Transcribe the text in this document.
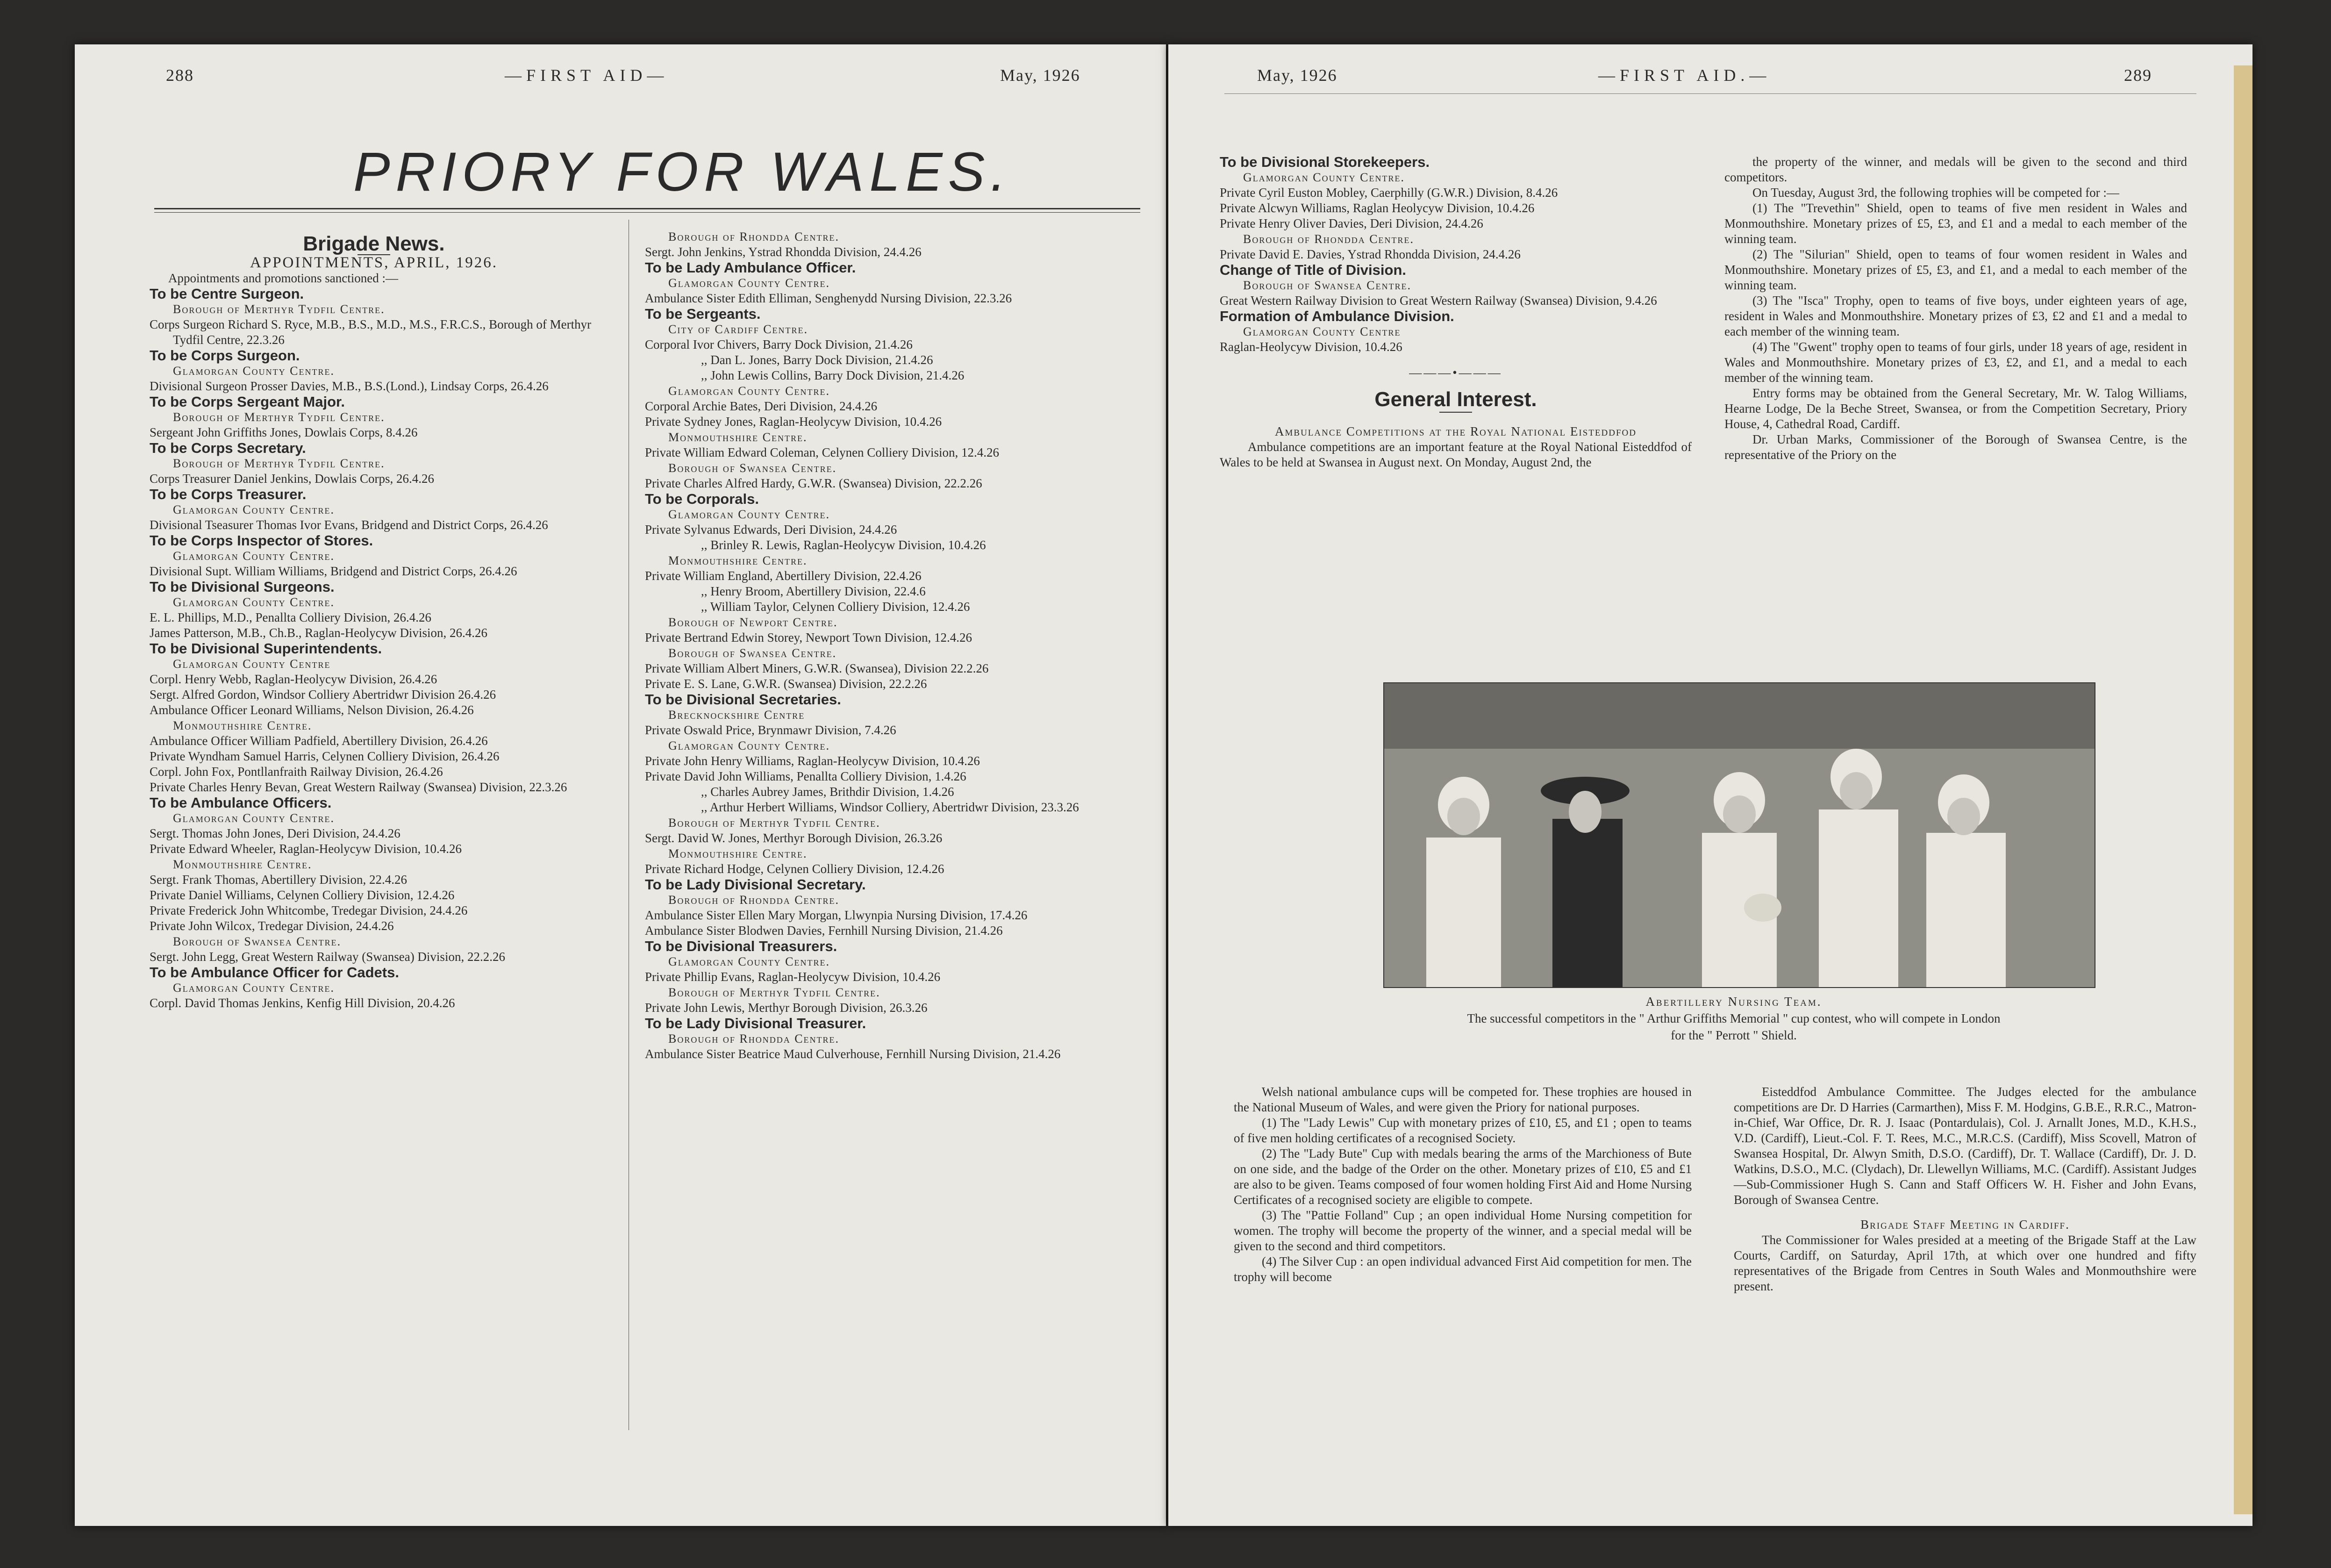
288	—FIRST AID—	May, 1926
PRIORY FOR WALES.

Brigade News.

APPOINTMENTS, APRIL, 1926.

Appointments and promotions sanctioned :—

To be Centre Surgeon.

Borough of Merthyr Tydfil Centre.

Corps Surgeon Richard S. Ryce, M.B., B.S., M.D., M.S., F.R.C.S., Borough of Merthyr Tydfil Centre, 22.3.26

To be Corps Surgeon.

Glamorgan County Centre.

Divisional Surgeon Prosser Davies, M.B., B.S.(Lond.), Lindsay Corps, 26.4.26

To be Corps Sergeant Major.

Borough of Merthyr Tydfil Centre.

Sergeant John Griffiths Jones, Dowlais Corps, 8.4.26

To be Corps Secretary.

Borough of Merthyr Tydfil Centre.

Corps Treasurer Daniel Jenkins, Dowlais Corps, 26.4.26

To be Corps Treasurer.

Glamorgan County Centre.

Divisional Tseasurer Thomas Ivor Evans, Bridgend and District Corps, 26.4.26

To be Corps Inspector of Stores.

Glamorgan County Centre.

Divisional Supt. William Williams, Bridgend and District Corps, 26.4.26

To be Divisional Surgeons.

Glamorgan County Centre.

E. L. Phillips, M.D., Penallta Colliery Division, 26.4.26

James Patterson, M.B., Ch.B., Raglan-Heolycyw Division, 26.4.26

To be Divisional Superintendents.

Glamorgan County Centre

Corpl. Henry Webb, Raglan-Heolycyw Division, 26.4.26

Sergt. Alfred Gordon, Windsor Colliery Abertridwr Division 26.4.26

Ambulance Officer Leonard Williams, Nelson Division, 26.4.26

Monmouthshire Centre.

Ambulance Officer William Padfield, Abertillery Division, 26.4.26

Private Wyndham Samuel Harris, Celynen Colliery Division, 26.4.26

Corpl. John Fox, Pontllanfraith Railway Division, 26.4.26

Private Charles Henry Bevan, Great Western Railway (Swansea) Division, 22.3.26

To be Ambulance Officers.

Glamorgan County Centre.

Sergt. Thomas John Jones, Deri Division, 24.4.26

Private Edward Wheeler, Raglan-Heolycyw Division, 10.4.26

Monmouthshire Centre.

Sergt. Frank Thomas, Abertillery Division, 22.4.26

Private Daniel Williams, Celynen Colliery Division, 12.4.26

Private Frederick John Whitcombe, Tredegar Division, 24.4.26

Private John Wilcox, Tredegar Division, 24.4.26

Borough of Swansea Centre.

Sergt. John Legg, Great Western Railway (Swansea) Division, 22.2.26

To be Ambulance Officer for Cadets.

Glamorgan County Centre.

Corpl. David Thomas Jenkins, Kenfig Hill Division, 20.4.26

Borough of Rhondda Centre.

Sergt. John Jenkins, Ystrad Rhondda Division, 24.4.26

To be Lady Ambulance Officer.

Glamorgan County Centre.

Ambulance Sister Edith Elliman, Senghenydd Nursing Division, 22.3.26

To be Sergeants.

City of Cardiff Centre.

Corporal Ivor Chivers, Barry Dock Division, 21.4.26

,, Dan L. Jones, Barry Dock Division, 21.4.26

,, John Lewis Collins, Barry Dock Division, 21.4.26

Glamorgan County Centre.

Corporal Archie Bates, Deri Division, 24.4.26

Private Sydney Jones, Raglan-Heolycyw Division, 10.4.26

Monmouthshire Centre.

Private William Edward Coleman, Celynen Colliery Division, 12.4.26

Borough of Swansea Centre.

Private Charles Alfred Hardy, G.W.R. (Swansea) Division, 22.2.26

To be Corporals.

Glamorgan County Centre.

Private Sylvanus Edwards, Deri Division, 24.4.26

,, Brinley R. Lewis, Raglan-Heolycyw Division, 10.4.26

Monmouthshire Centre.

Private William England, Abertillery Division, 22.4.26

,, Henry Broom, Abertillery Division, 22.4.6

,, William Taylor, Celynen Colliery Division, 12.4.26

Borough of Newport Centre.

Private Bertrand Edwin Storey, Newport Town Division, 12.4.26

Borough of Swansea Centre.

Private William Albert Miners, G.W.R. (Swansea), Division 22.2.26

Private E. S. Lane, G.W.R. (Swansea) Division, 22.2.26

To be Divisional Secretaries.

Brecknockshire Centre

Private Oswald Price, Brynmawr Division, 7.4.26

Glamorgan County Centre.

Private John Henry Williams, Raglan-Heolycyw Division, 10.4.26

Private David John Williams, Penallta Colliery Division, 1.4.26

,, Charles Aubrey James, Brithdir Division, 1.4.26

,, Arthur Herbert Williams, Windsor Colliery, Abertridwr Division, 23.3.26

Borough of Merthyr Tydfil Centre.

Sergt. David W. Jones, Merthyr Borough Division, 26.3.26

Monmouthshire Centre.

Private Richard Hodge, Celynen Colliery Division, 12.4.26

To be Lady Divisional Secretary.

Borough of Rhondda Centre.

Ambulance Sister Ellen Mary Morgan, Llwynpia Nursing Division, 17.4.26

Ambulance Sister Blodwen Davies, Fernhill Nursing Division, 21.4.26

To be Divisional Treasurers.

Glamorgan County Centre.

Private Phillip Evans, Raglan-Heolycyw Division, 10.4.26

Borough of Merthyr Tydfil Centre.

Private John Lewis, Merthyr Borough Division, 26.3.26

To be Lady Divisional Treasurer.

Borough of Rhondda Centre.

Ambulance Sister Beatrice Maud Culverhouse, Fernhill Nursing Division, 21.4.26

May, 1926	—FIRST AID.—	289

To be Divisional Storekeepers.

Glamorgan County Centre.

Private Cyril Euston Mobley, Caerphilly (G.W.R.) Division, 8.4.26

Private Alcwyn Williams, Raglan Heolycyw Division, 10.4.26

Private Henry Oliver Davies, Deri Division, 24.4.26

Borough of Rhondda Centre.

Private David E. Davies, Ystrad Rhondda Division, 24.4.26

Change of Title of Division.

Borough of Swansea Centre.

Great Western Railway Division to Great Western Railway (Swansea) Division, 9.4.26

Formation of Ambulance Division.

Glamorgan County Centre

Raglan-Heolycyw Division, 10.4.26

———•———

General Interest.

Ambulance Competitions at the Royal National Eisteddfod

Ambulance competitions are an important feature at the Royal National Eisteddfod of Wales to be held at Swansea in August next. On Monday, August 2nd, the

the property of the winner, and medals will be given to the second and third competitors.

On Tuesday, August 3rd, the following trophies will be competed for :—

(1) The "Trevethin" Shield, open to teams of five men resident in Wales and Monmouthshire. Monetary prizes of £5, £3, and £1 and a medal to each member of the winning team.

(2) The "Silurian" Shield, open to teams of four women resident in Wales and Monmouthshire. Monetary prizes of £5, £3, and £1, and a medal to each member of the winning team.

(3) The "Isca" Trophy, open to teams of five boys, under eighteen years of age, resident in Wales and Monmouthshire. Monetary prizes of £3, £2 and £1 and a medal to each member of the winning team.

(4) The "Gwent" trophy open to teams of four girls, under 18 years of age, resident in Wales and Monmouthshire. Monetary prizes of £3, £2, and £1, and a medal to each member of the winning team.

Entry forms may be obtained from the General Secretary, Mr. W. Talog Williams, Hearne Lodge, De la Beche Street, Swansea, or from the Competition Secretary, Priory House, 4, Cathedral Road, Cardiff.

Dr. Urban Marks, Commissioner of the Borough of Swansea Centre, is the representative of the Priory on the

Abertillery Nursing Team.
The successful competitors in the " Arthur Griffiths Memorial " cup contest, who will compete in London
for the " Perrott " Shield.

Welsh national ambulance cups will be competed for. These trophies are housed in the National Museum of Wales, and were given the Priory for national purposes.

(1) The "Lady Lewis" Cup with monetary prizes of £10, £5, and £1 ; open to teams of five men holding certificates of a recognised Society.

(2) The "Lady Bute" Cup with medals bearing the arms of the Marchioness of Bute on one side, and the badge of the Order on the other. Monetary prizes of £10, £5 and £1 are also to be given. Teams composed of four women holding First Aid and Home Nursing Certificates of a recognised society are eligible to compete.

(3) The "Pattie Folland" Cup ; an open individual Home Nursing competition for women. The trophy will become the property of the winner, and a special medal will be given to the second and third competitors.

(4) The Silver Cup : an open individual advanced First Aid competition for men. The trophy will become

Eisteddfod Ambulance Committee. The Judges elected for the ambulance competitions are Dr. D Harries (Carmarthen), Miss F. M. Hodgins, G.B.E., R.R.C., Matron-in-Chief, War Office, Dr. R. J. Isaac (Pontardulais), Col. J. Arnallt Jones, M.D., K.H.S., V.D. (Cardiff), Lieut.-Col. F. T. Rees, M.C., M.R.C.S. (Cardiff), Miss Scovell, Matron of Swansea Hospital, Dr. Alwyn Smith, D.S.O. (Cardiff), Dr. T. Wallace (Cardiff), Dr. J. D. Watkins, D.S.O., M.C. (Clydach), Dr. Llewellyn Williams, M.C. (Cardiff). Assistant Judges—Sub-Commissioner Hugh S. Cann and Staff Officers W. H. Fisher and John Evans, Borough of Swansea Centre.

Brigade Staff Meeting in Cardiff.

The Commissioner for Wales presided at a meeting of the Brigade Staff at the Law Courts, Cardiff, on Saturday, April 17th, at which over one hundred and fifty representatives of the Brigade from Centres in South Wales and Monmouthshire were present.
